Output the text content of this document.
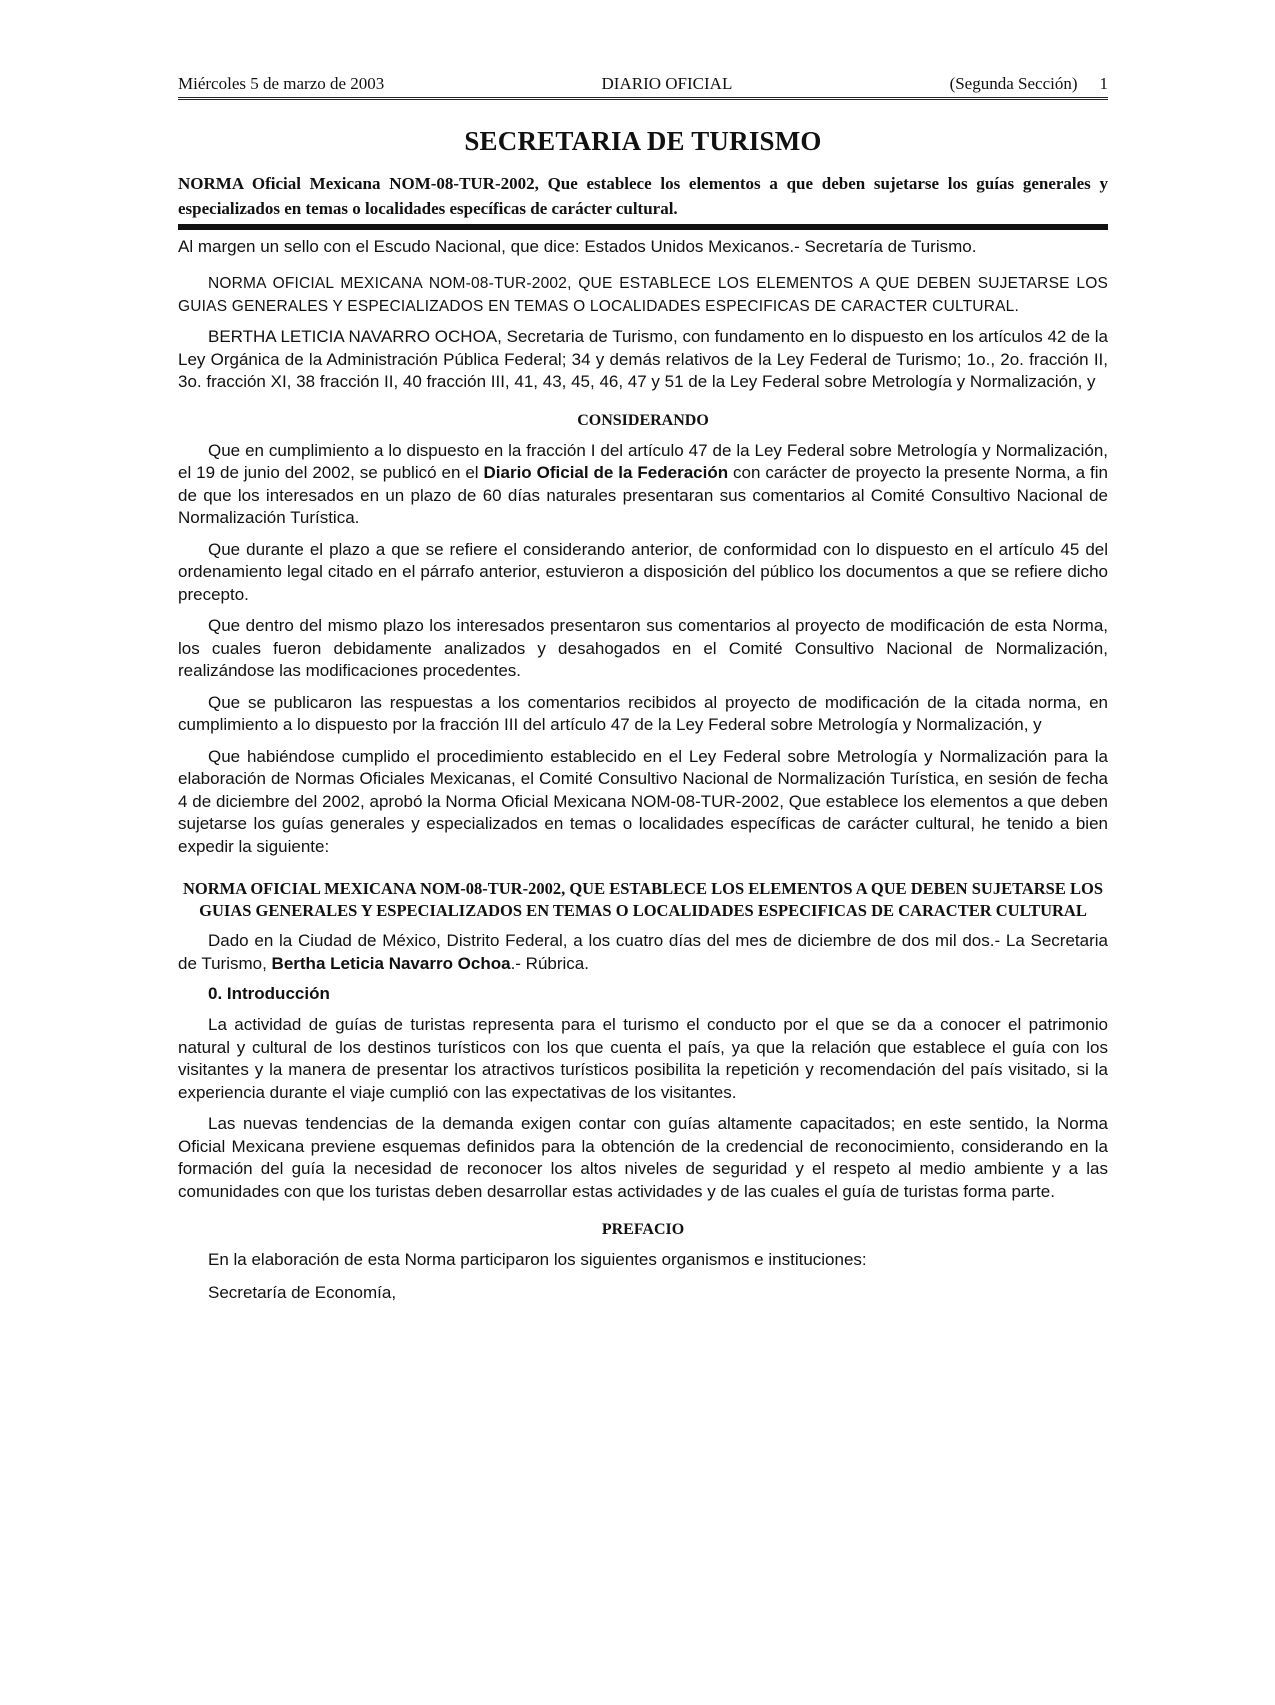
Miércoles 5 de marzo de 2003	DIARIO OFICIAL	(Segunda Sección) 1
SECRETARIA DE TURISMO

NORMA Oficial Mexicana NOM-08-TUR-2002, Que establece los elementos a que deben sujetarse los guías generales y especializados en temas o localidades específicas de carácter cultural.

Al margen un sello con el Escudo Nacional, que dice: Estados Unidos Mexicanos.- Secretaría de Turismo.

NORMA OFICIAL MEXICANA NOM-08-TUR-2002, QUE ESTABLECE LOS ELEMENTOS A QUE DEBEN SUJETARSE LOS GUIAS GENERALES Y ESPECIALIZADOS EN TEMAS O LOCALIDADES ESPECIFICAS DE CARACTER CULTURAL.

BERTHA LETICIA NAVARRO OCHOA, Secretaria de Turismo, con fundamento en lo dispuesto en los artículos 42 de la Ley Orgánica de la Administración Pública Federal; 34 y demás relativos de la Ley Federal de Turismo; 1o., 2o. fracción II, 3o. fracción XI, 38 fracción II, 40 fracción III, 41, 43, 45, 46, 47 y 51 de la Ley Federal sobre Metrología y Normalización, y

CONSIDERANDO

Que en cumplimiento a lo dispuesto en la fracción I del artículo 47 de la Ley Federal sobre Metrología y Normalización, el 19 de junio del 2002, se publicó en el Diario Oficial de la Federación con carácter de proyecto la presente Norma, a fin de que los interesados en un plazo de 60 días naturales presentaran sus comentarios al Comité Consultivo Nacional de Normalización Turística.

Que durante el plazo a que se refiere el considerando anterior, de conformidad con lo dispuesto en el artículo 45 del ordenamiento legal citado en el párrafo anterior, estuvieron a disposición del público los documentos a que se refiere dicho precepto.

Que dentro del mismo plazo los interesados presentaron sus comentarios al proyecto de modificación de esta Norma, los cuales fueron debidamente analizados y desahogados en el Comité Consultivo Nacional de Normalización, realizándose las modificaciones procedentes.

Que se publicaron las respuestas a los comentarios recibidos al proyecto de modificación de la citada norma, en cumplimiento a lo dispuesto por la fracción III del artículo 47 de la Ley Federal sobre Metrología y Normalización, y

Que habiéndose cumplido el procedimiento establecido en el Ley Federal sobre Metrología y Normalización para la elaboración de Normas Oficiales Mexicanas, el Comité Consultivo Nacional de Normalización Turística, en sesión de fecha 4 de diciembre del 2002, aprobó la Norma Oficial Mexicana NOM-08-TUR-2002, Que establece los elementos a que deben sujetarse los guías generales y especializados en temas o localidades específicas de carácter cultural, he tenido a bien expedir la siguiente:

NORMA OFICIAL MEXICANA NOM-08-TUR-2002, QUE ESTABLECE LOS ELEMENTOS A QUE DEBEN SUJETARSE LOS GUIAS GENERALES Y ESPECIALIZADOS EN TEMAS O LOCALIDADES ESPECIFICAS DE CARACTER CULTURAL

Dado en la Ciudad de México, Distrito Federal, a los cuatro días del mes de diciembre de dos mil dos.- La Secretaria de Turismo, Bertha Leticia Navarro Ochoa.- Rúbrica.

0. Introducción

La actividad de guías de turistas representa para el turismo el conducto por el que se da a conocer el patrimonio natural y cultural de los destinos turísticos con los que cuenta el país, ya que la relación que establece el guía con los visitantes y la manera de presentar los atractivos turísticos posibilita la repetición y recomendación del país visitado, si la experiencia durante el viaje cumplió con las expectativas de los visitantes.

Las nuevas tendencias de la demanda exigen contar con guías altamente capacitados; en este sentido, la Norma Oficial Mexicana previene esquemas definidos para la obtención de la credencial de reconocimiento, considerando en la formación del guía la necesidad de reconocer los altos niveles de seguridad y el respeto al medio ambiente y a las comunidades con que los turistas deben desarrollar estas actividades y de las cuales el guía de turistas forma parte.

PREFACIO

En la elaboración de esta Norma participaron los siguientes organismos e instituciones:

Secretaría de Economía,
